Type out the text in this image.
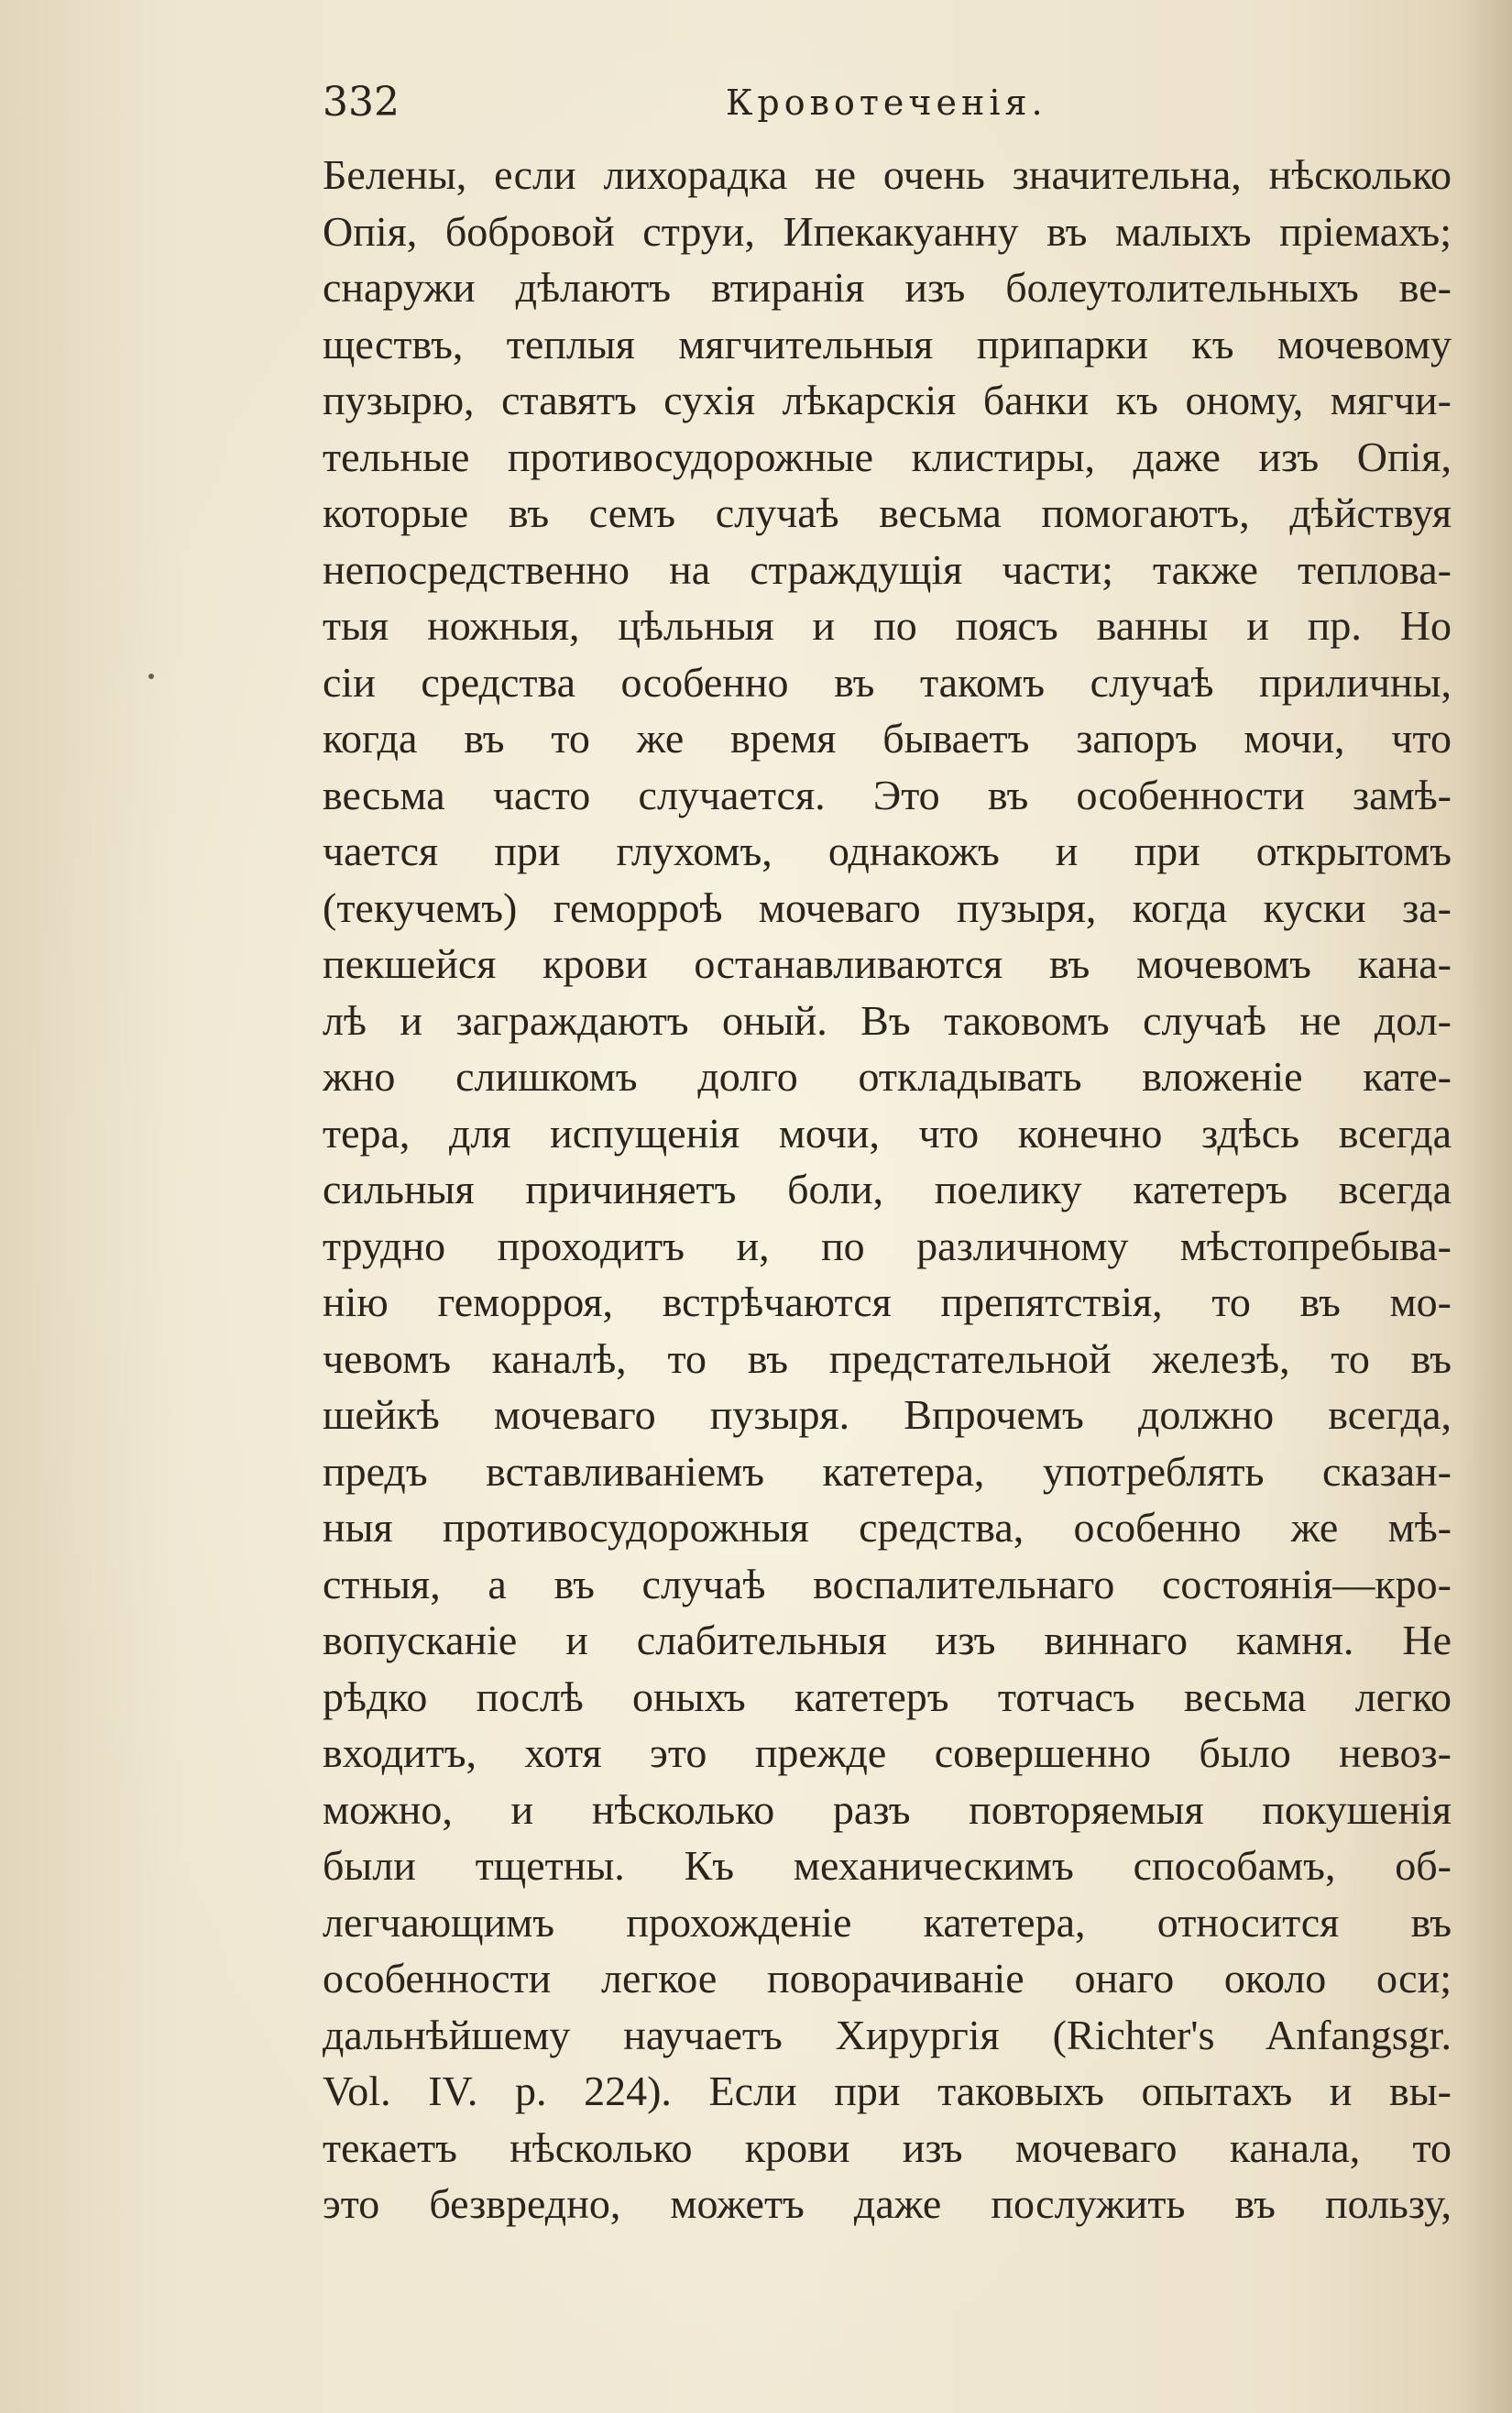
332	Кровотеченія.
Белены, если лихорадка не очень значительна, нѣсколько
Опія, бобровой струи, Ипекакуанну въ малыхъ пріемахъ;
снаружи дѣлаютъ втиранія изъ болеутолительныхъ ве-
ществъ, теплыя мягчительныя припарки къ мочевому
пузырю, ставятъ сухія лѣкарскія банки къ оному, мягчи-
тельные противосудорожные клистиры, даже изъ Опія,
которые въ семъ случаѣ весьма помогаютъ, дѣйствуя
непосредственно на страждущія части; также теплова-
тыя ножныя, цѣльныя и по поясъ ванны и пр. Но
сіи средства особенно въ такомъ случаѣ приличны,
когда въ то же время бываетъ запоръ мочи, что
весьма часто случается. Это въ особенности замѣ-
чается при глухомъ, однакожъ и при открытомъ
(текучемъ) геморроѣ мочеваго пузыря, когда куски за-
пекшейся крови останавливаются въ мочевомъ кана-
лѣ и заграждаютъ оный. Въ таковомъ случаѣ не дол-
жно слишкомъ долго откладывать вложеніе кате-
тера, для испущенія мочи, что конечно здѣсь всегда
сильныя причиняетъ боли, поелику катетеръ всегда
трудно проходитъ и, по различному мѣстопребыва-
нію геморроя, встрѣчаются препятствія, то въ мо-
чевомъ каналѣ, то въ предстательной железѣ, то въ
шейкѣ мочеваго пузыря. Впрочемъ должно всегда,
предъ вставливаніемъ катетера, употреблять сказан-
ныя противосудорожныя средства, особенно же мѣ-
стныя, а въ случаѣ воспалительнаго состоянія—кро-
вопусканіе и слабительныя изъ виннаго камня. Не
рѣдко послѣ оныхъ катетеръ тотчасъ весьма легко
входитъ, хотя это прежде совершенно было невоз-
можно, и нѣсколько разъ повторяемыя покушенія
были тщетны. Къ механическимъ способамъ, об-
легчающимъ прохожденіе катетера, относится въ
особенности легкое поворачиваніе онаго около оси;
дальнѣйшему научаетъ Хирургія (Richter's Anfangsgr.
Vol. IV. p. 224). Если при таковыхъ опытахъ и вы-
текаетъ нѣсколько крови изъ мочеваго канала, то
это безвредно, можетъ даже послужить въ пользу,
